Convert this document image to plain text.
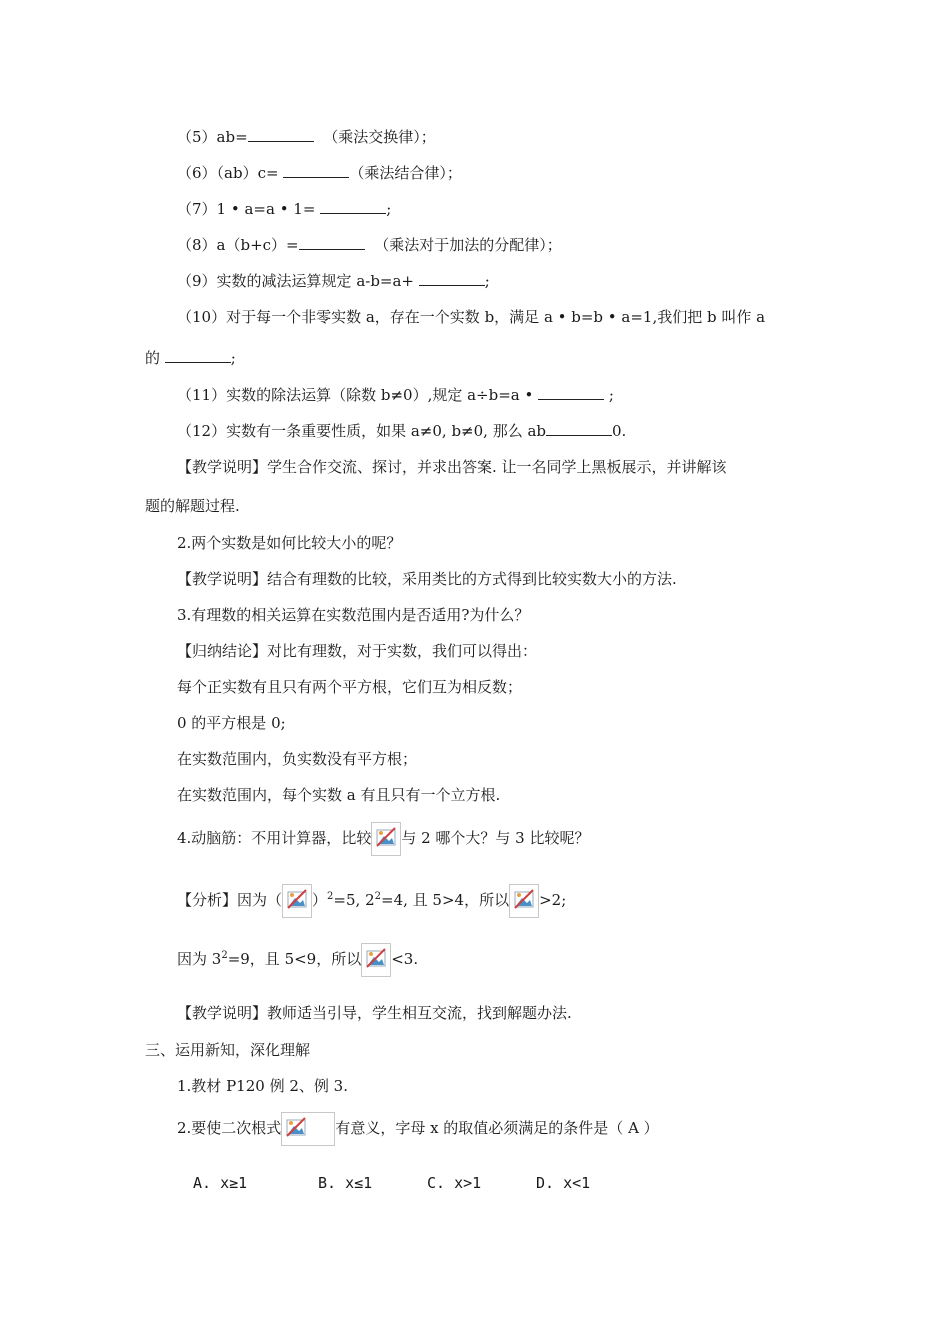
（5）ab=	（乘法交换律）；
（6）（ab）c=	（乘法结合律）；
（7）1 • a=a • 1=	;
（8）a（b+c）=	（乘法对于加法的分配律）；
（9）实数的减法运算规定 a-b=a+	;
（10）对于每一个非零实数 a，存在一个实数 b，满足 a • b=b • a=1,我们把 b 叫作 a
的	;
（11）实数的除法运算（除数 b≠0）,规定 a÷b=a •	;
（12）实数有一条重要性质，如果 a≠0, b≠0, 那么 ab	0.
【教学说明】学生合作交流、探讨，并求出答案. 让一名同学上黑板展示，并讲解该
题的解题过程.
2.两个实数是如何比较大小的呢？
【教学说明】结合有理数的比较，采用类比的方式得到比较实数大小的方法.
3.有理数的相关运算在实数范围内是否适用?为什么？
【归纳结论】对比有理数，对于实数，我们可以得出：
每个正实数有且只有两个平方根，它们互为相反数；
0 的平方根是 0;
在实数范围内，负实数没有平方根；
在实数范围内，每个实数 a 有且只有一个立方根.
4.动脑筋：不用计算器，比较 与 2 哪个大？与 3 比较呢？
【分析】因为（ ）$^2$=5, $2^2=4$, 且 5>4，所以 >2;
因为 $3^2=9$，且 5<9，所以 <3.
【教学说明】教师适当引导，学生相互交流，找到解题办法.
三、运用新知，深化理解
1.教材 P120 例 2、例 3.
2.要使二次根式	有意义，字母 x 的取值必须满足的条件是（ A ）
A. x≥1	B. x≤1	C. x>1	D. x<1
